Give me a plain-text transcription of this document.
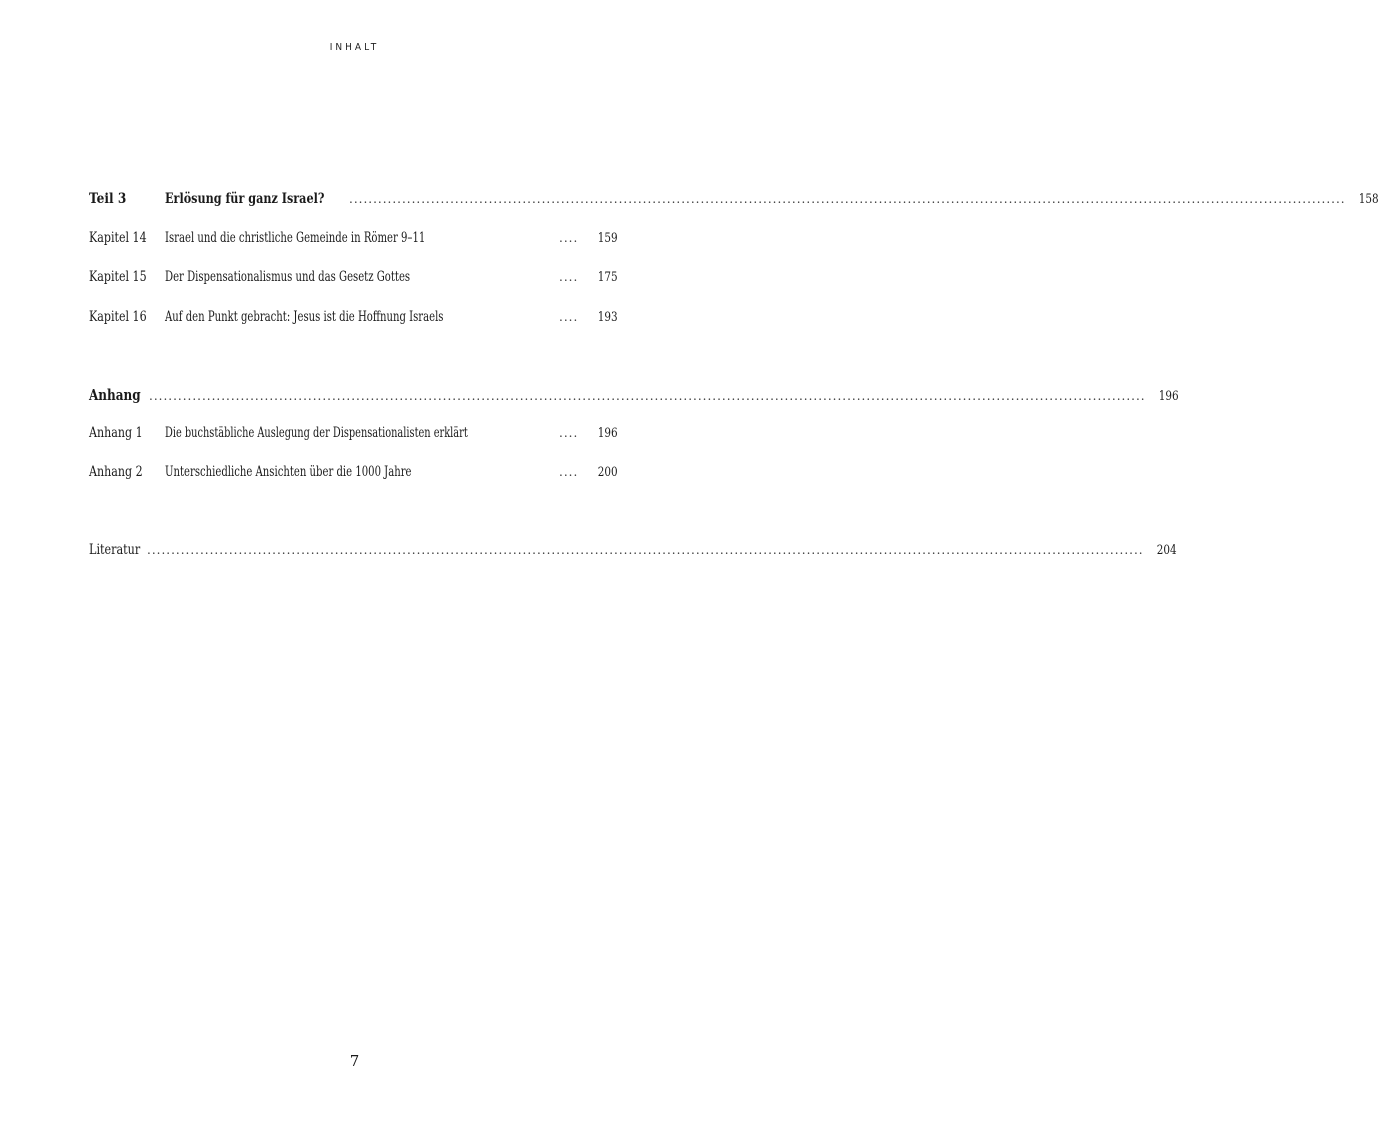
INHALT
Teil 3	Erlösung für ganz Israel? ............................................................................................................................................................................................................... 158
Kapitel 14	Israel und die christliche Gemeinde in Römer 9–11	....	159
Kapitel 15	Der Dispensationalismus und das Gesetz Gottes	....	175
Kapitel 16	Auf den Punkt gebracht: Jesus ist die Hoffnung Israels	....	193
Anhang ............................................................................................................................................................................................................... 196
Anhang 1	Die buchstäbliche Auslegung der Dispensationalisten erklärt	....	196
Anhang 2	Unterschiedliche Ansichten über die 1000 Jahre	....	200
Literatur ............................................................................................................................................................................................................... 204
7
